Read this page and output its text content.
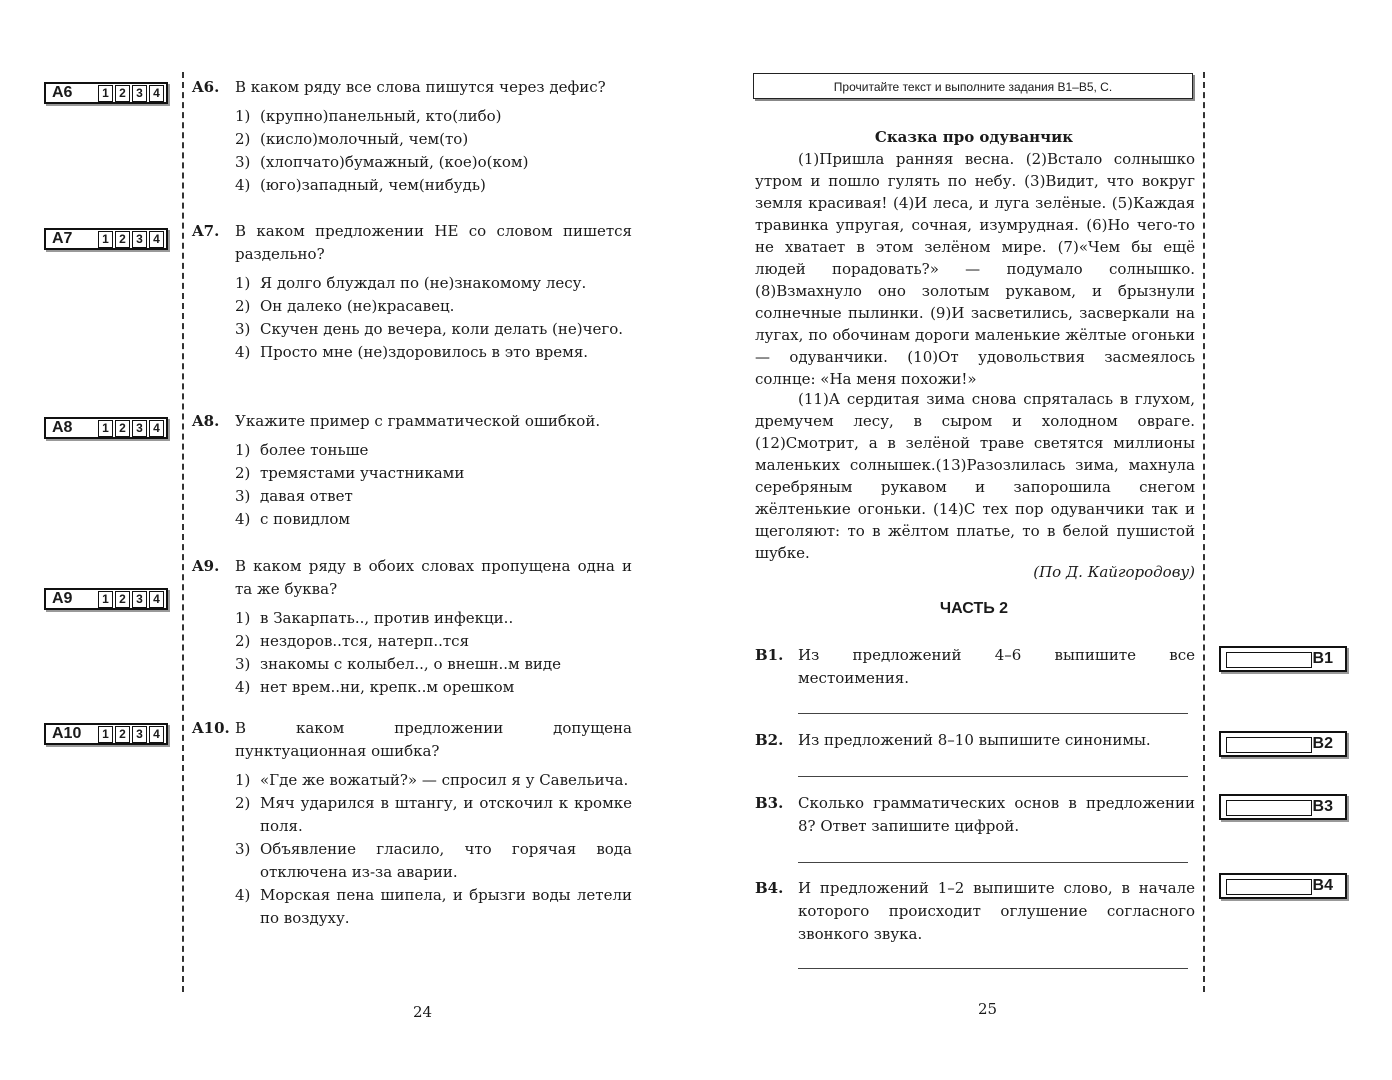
A6	1 2 3 4
A7	1 2 3 4
A8	1 2 3 4
A9	1 2 3 4
A10	1 2 3 4
A6. В каком ряду все слова пишутся через дефис?
1) (крупно)панельный, кто(либо)
2) (кисло)молочный, чем(то)
3) (хлопчато)бумажный, (кое)о(ком)
4) (юго)западный, чем(нибудь)
A7. В каком предложении НЕ со словом пишется раздельно?
1) Я долго блуждал по (не)знакомому лесу.
2) Он далеко (не)красавец.
3) Скучен день до вечера, коли делать (не)чего.
4) Просто мне (не)здоровилось в это время.
A8. Укажите пример с грамматической ошибкой.
1) более тоньше
2) тремястами участниками
3) давая ответ
4) с повидлом
A9. В каком ряду в обоих словах пропущена одна и та же буква?
1) в Закарпать.., против инфекци..
2) нездоров..тся, натерп..тся
3) знакомы с колыбел.., о внешн..м виде
4) нет врем..ни, крепк..м орешком
A10. В каком предложении допущена пунктуационная ошибка?
1) «Где же вожатый?» — спросил я у Савельича.
2) Мяч ударился в штангу, и отскочил к кромке поля.
3) Объявление гласило, что горячая вода отключена из-за аварии.
4) Морская пена шипела, и брызги воды летели по воздуху.
24
Прочитайте текст и выполните задания В1–В5, С.
Сказка про одуванчик
(1)Пришла ранняя весна. (2)Встало солнышко утром и пошло гулять по небу. (3)Видит, что вокруг земля красивая! (4)И леса, и луга зелёные. (5)Каждая травинка упругая, сочная, изумрудная. (6)Но чего-то не хватает в этом зелёном мире. (7)«Чем бы ещё людей порадовать?» — подумало солнышко. (8)Взмахнуло оно золотым рукавом, и брызнули солнечные пылинки. (9)И засветились, засверкали на лугах, по обочинам дороги маленькие жёлтые огоньки — одуванчики. (10)От удовольствия засмеялось солнце: «На меня похожи!»
(11)А сердитая зима снова спряталась в глухом, дремучем лесу, в сыром и холодном овраге. (12)Смотрит, а в зелёной траве светятся миллионы маленьких солнышек.(13)Разозлилась зима, махнула серебряным рукавом и запорошила снегом жёлтенькие огоньки. (14)С тех пор одуванчики так и щеголяют: то в жёлтом платье, то в белой пушистой шубке.
(По Д. Кайгородову)
ЧАСТЬ 2
B1. Из предложений 4–6 выпишите все местоимения.
B2. Из предложений 8–10 выпишите синонимы.
B3. Сколько грамматических основ в предложении 8? Ответ запишите цифрой.
B4. И предложений 1–2 выпишите слово, в начале которого происходит оглушение согласного звонкого звука.
B1
B2
B3
B4
25
